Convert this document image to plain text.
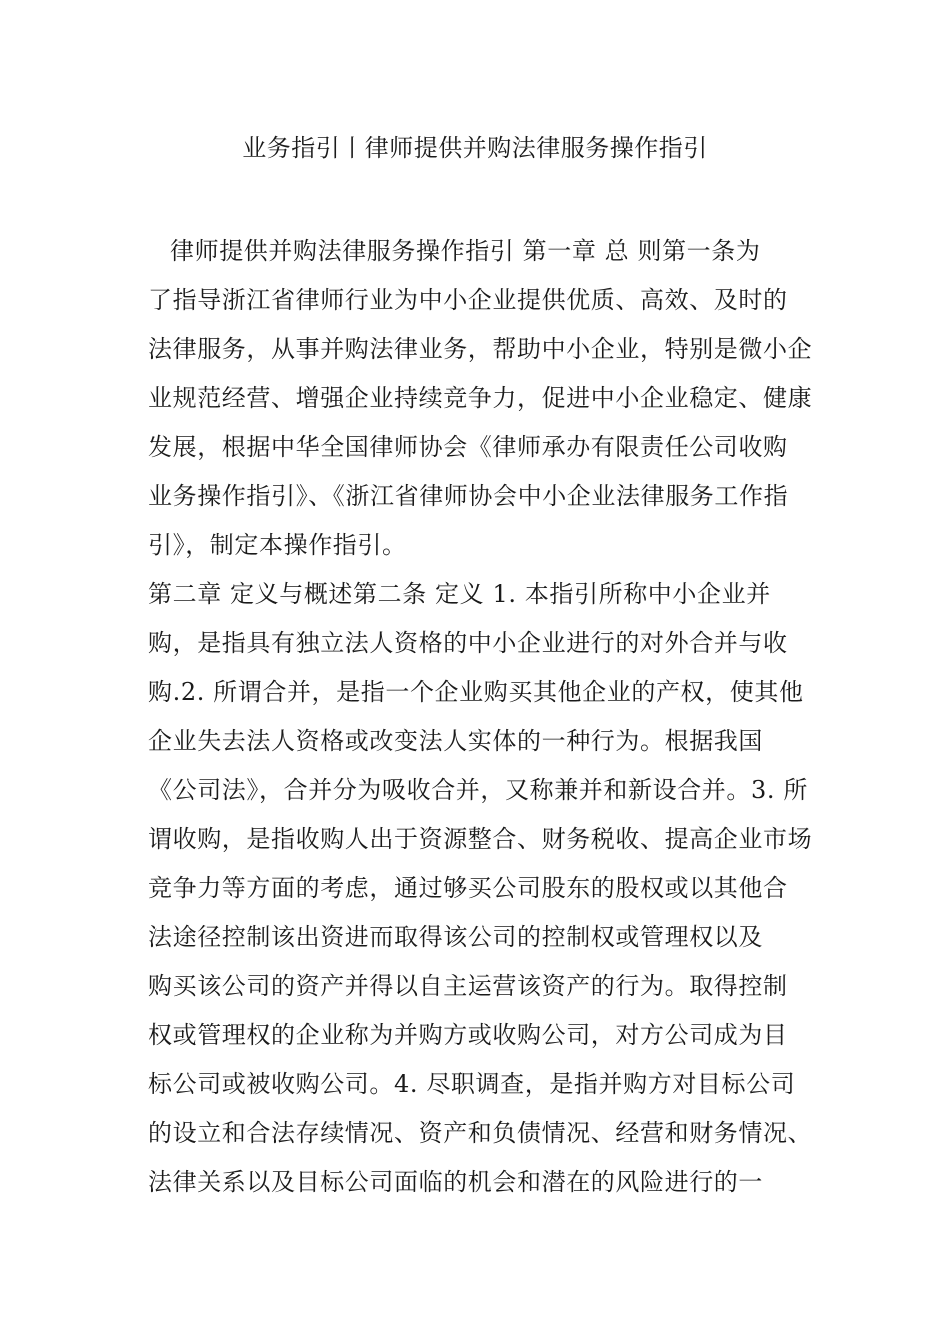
业务指引丨律师提供并购法律服务操作指引
律师提供并购法律服务操作指引 第一章 总 则第一条为
了指导浙江省律师行业为中小企业提供优质、高效、及时的
法律服务，从事并购法律业务，帮助中小企业，特别是微小企
业规范经营、增强企业持续竞争力，促进中小企业稳定、健康
发展，根据中华全国律师协会《律师承办有限责任公司收购
业务操作指引》、《浙江省律师协会中小企业法律服务工作指
引》，制定本操作指引。
第二章 定义与概述第二条 定义 1. 本指引所称中小企业并
购，是指具有独立法人资格的中小企业进行的对外合并与收
购.2. 所谓合并，是指一个企业购买其他企业的产权，使其他
企业失去法人资格或改变法人实体的一种行为。根据我国
《公司法》，合并分为吸收合并，又称兼并和新设合并。3. 所
谓收购，是指收购人出于资源整合、财务税收、提高企业市场
竞争力等方面的考虑，通过够买公司股东的股权或以其他合
法途径控制该出资进而取得该公司的控制权或管理权以及
购买该公司的资产并得以自主运营该资产的行为。取得控制
权或管理权的企业称为并购方或收购公司，对方公司成为目
标公司或被收购公司。4. 尽职调查，是指并购方对目标公司
的设立和合法存续情况、资产和负债情况、经营和财务情况、
法律关系以及目标公司面临的机会和潜在的风险进行的一
